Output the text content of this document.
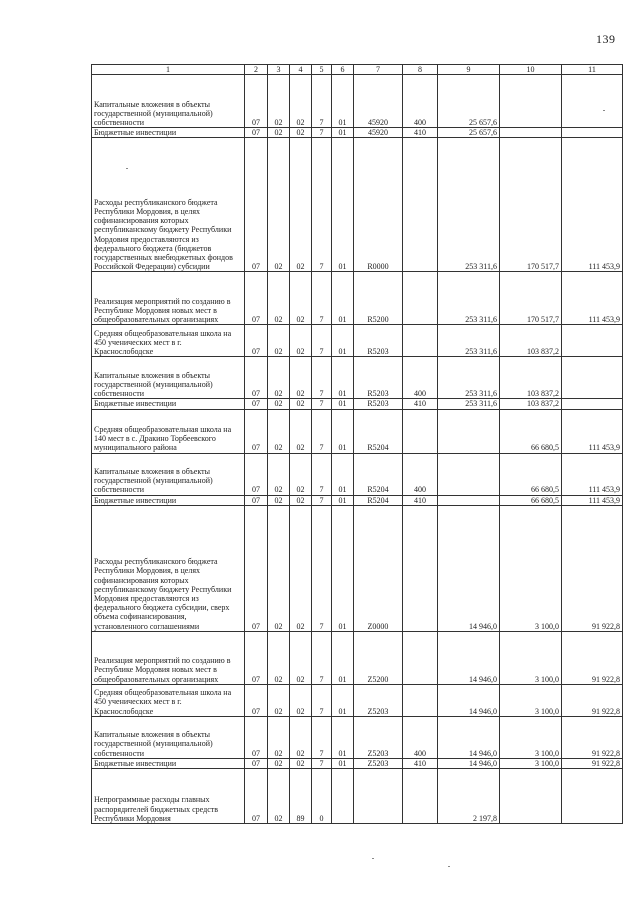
139
1	2	3	4	5	6	7	8	9	10	11
Капитальные вложения в объекты государственной (муниципальной) собственности	07	02	02	7	01	45920	400	25 657,6		
Бюджетные инвестиции	07	02	02	7	01	45920	410	25 657,6		
Расходы республиканского бюджета Республики Мордовия, в целях софинансирования которых республиканскому бюджету Республики Мордовия предоставляются из федерального бюджета (бюджетов государственных внебюджетных фондов Российской Федерации) субсидии	07	02	02	7	01	R0000		253 311,6	170 517,7	111 453,9
Реализация мероприятий по созданию в Республике Мордовия новых мест в общеобразовательных организациях	07	02	02	7	01	R5200		253 311,6	170 517,7	111 453,9
Средняя общеобразовательная школа на 450 ученических мест в г. Краснослободске	07	02	02	7	01	R5203		253 311,6	103 837,2	
Капитальные вложения в объекты государственной (муниципальной) собственности	07	02	02	7	01	R5203	400	253 311,6	103 837,2	
Бюджетные инвестиции	07	02	02	7	01	R5203	410	253 311,6	103 837,2	
Средняя общеобразовательная школа на 140 мест в с. Дракино Торбеевского муниципального района	07	02	02	7	01	R5204			66 680,5	111 453,9
Капитальные вложения в объекты государственной (муниципальной) собственности	07	02	02	7	01	R5204	400		66 680,5	111 453,9
Бюджетные инвестиции	07	02	02	7	01	R5204	410		66 680,5	111 453,9
Расходы республиканского бюджета Республики Мордовия, в целях софинансирования которых республиканскому бюджету Республики Мордовия предоставляются из федерального бюджета субсидии, сверх объема софинансирования, установленного соглашениями	07	02	02	7	01	Z0000		14 946,0	3 100,0	91 922,8
Реализация мероприятий по созданию в Республике Мордовия новых мест в общеобразовательных организациях	07	02	02	7	01	Z5200		14 946,0	3 100,0	91 922,8
Средняя общеобразовательная школа на 450 ученических мест в г. Краснослободске	07	02	02	7	01	Z5203		14 946,0	3 100,0	91 922,8
Капитальные вложения в объекты государственной (муниципальной) собственности	07	02	02	7	01	Z5203	400	14 946,0	3 100,0	91 922,8
Бюджетные инвестиции	07	02	02	7	01	Z5203	410	14 946,0	3 100,0	91 922,8
Непрограммные расходы главных распорядителей бюджетных средств Республики Мордовия	07	02	89	0				2 197,8		
